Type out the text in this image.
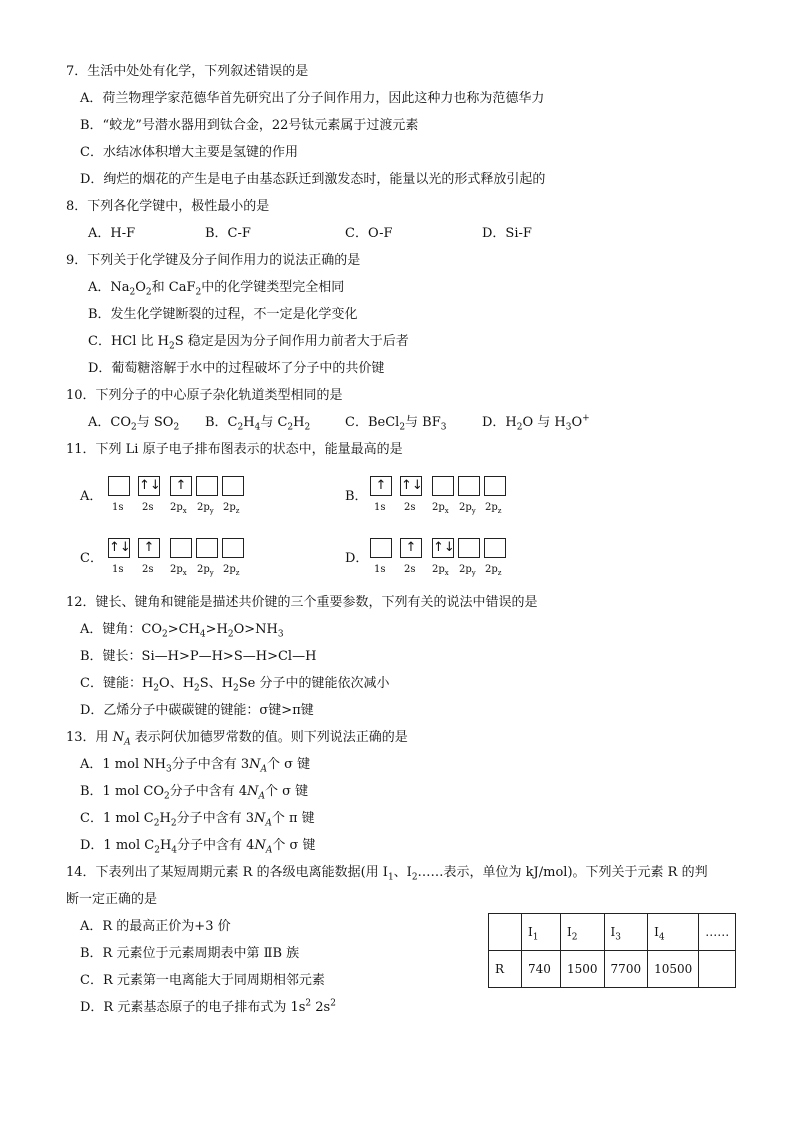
7．生活中处处有化学，下列叙述错误的是
A．荷兰物理学家范德华首先研究出了分子间作用力，因此这种力也称为范德华力
B．“蛟龙”号潜水器用到钛合金，22号钛元素属于过渡元素
C．水结冰体积增大主要是氢键的作用
D．绚烂的烟花的产生是电子由基态跃迁到激发态时，能量以光的形式释放引起的
8．下列各化学键中，极性最小的是
A．H-F	B．C-F	C．O-F	D．Si-F
9．下列关于化学键及分子间作用力的说法正确的是
A．$Na_2O_2$和 CaF$_2$中的化学键类型完全相同
B．发生化学键断裂的过程，不一定是化学变化
C．HCl 比 $H_2S$ 稳定是因为分子间作用力前者大于后者
D．葡萄糖溶解于水中的过程破坏了分子中的共价键
10．下列分子的中心原子杂化轨道类型相同的是
A．$CO_2$与 $SO_2$ B．$C_2H_4$与 $C_2H_2$	C．BeCl$_2$与 $BF_3$	D．$H_2O$ 与 $H_3O^+$
11．下列 Li 原子电子排布图表示的状态中，能量最高的是
A．
1s
↑↓
2s
↑
$2p_x$ $2p_y$ $2p_z$
B．
↑
1s
↑↓
2s $2p_x$ $2p_y$ $2p_z$
C．
↑↓
1s
↑
2s $2p_x$ $2p_y$ $2p_z$
D．
1s
↑
2s
↑↓
$2p_x$ $2p_y$ $2p_z$
12．键长、键角和键能是描述共价键的三个重要参数，下列有关的说法中错误的是
A．键角：$CO_2>CH_4>H_2O>NH_3$
B．键长：Si—H>P—H>S—H>Cl—H
C．键能：$H_2O$、$H_2S$、$H_2Se$ 分子中的键能依次减小
D．乙烯分子中碳碳键的键能：σ键>π键
13．用 $N_A$ 表示阿伏加德罗常数的值。则下列说法正确的是
A．1 mol $NH_3$分子中含有 $3N_A$个 σ 键
B．1 mol $CO_2$分子中含有 $4N_A$个 σ 键
C．1 mol $C_2H_2$分子中含有 $3N_A$个 π 键
D．1 mol $C_2H_4$分子中含有 $4N_A$个 σ 键
14．下表列出了某短周期元素 R 的各级电离能数据(用 $I_1$、$I_2\dots\dots$表示，单位为 kJ/mol)。下列关于元素 R 的判
断一定正确的是
A．R 的最高正价为+3 价
B．R 元素位于元素周期表中第 ⅡB 族
C．R 元素第一电离能大于同周期相邻元素
D．R 元素基态原子的电子排布式为 $1s^2$ $2s^2$
	$I_1$	$I_2$	$I_3$	$I_4$	……
R	740	1500	7700	10500	
